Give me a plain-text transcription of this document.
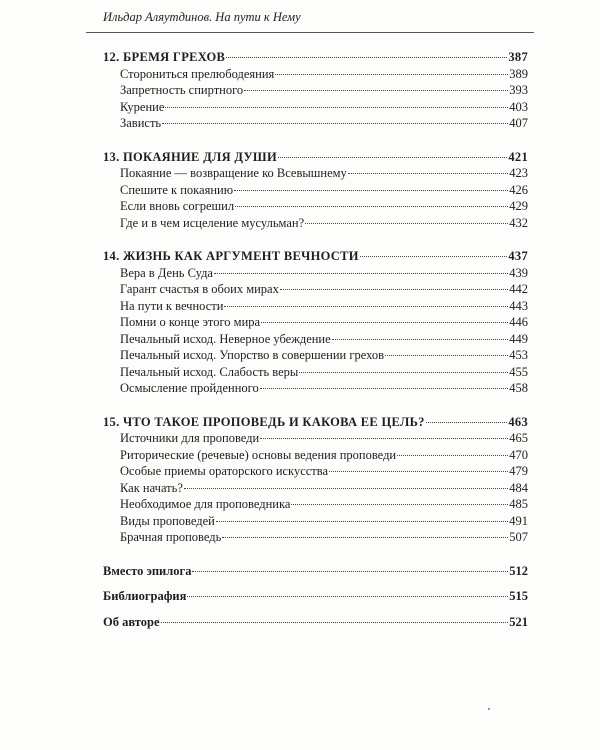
Ильдар Аляутдинов. На пути к Нему
12. БРЕМЯ ГРЕХОВ	387
Сторониться прелюбодеяния	389
Запретность спиртного	393
Курение	403
Зависть	407
13. ПОКАЯНИЕ ДЛЯ ДУШИ	421
Покаяние — возвращение ко Всевышнему	423
Спешите к покаянию	426
Если вновь согрешил	429
Где и в чем исцеление мусульман?	432
14. ЖИЗНЬ КАК АРГУМЕНТ ВЕЧНОСТИ	437
Вера в День Суда	439
Гарант счастья в обоих мирах	442
На пути к вечности	443
Помни о конце этого мира	446
Печальный исход. Неверное убеждение	449
Печальный исход. Упорство в совершении грехов	453
Печальный исход. Слабость веры	455
Осмысление пройденного	458
15. ЧТО ТАКОЕ ПРОПОВЕДЬ И КАКОВА ЕЕ ЦЕЛЬ?	463
Источники для проповеди	465
Риторические (речевые) основы ведения проповеди	470
Особые приемы ораторского искусства	479
Как начать?	484
Необходимое для проповедника	485
Виды проповедей	491
Брачная проповедь	507
Вместо эпилога	512
Библиография	515
Об авторе	521
